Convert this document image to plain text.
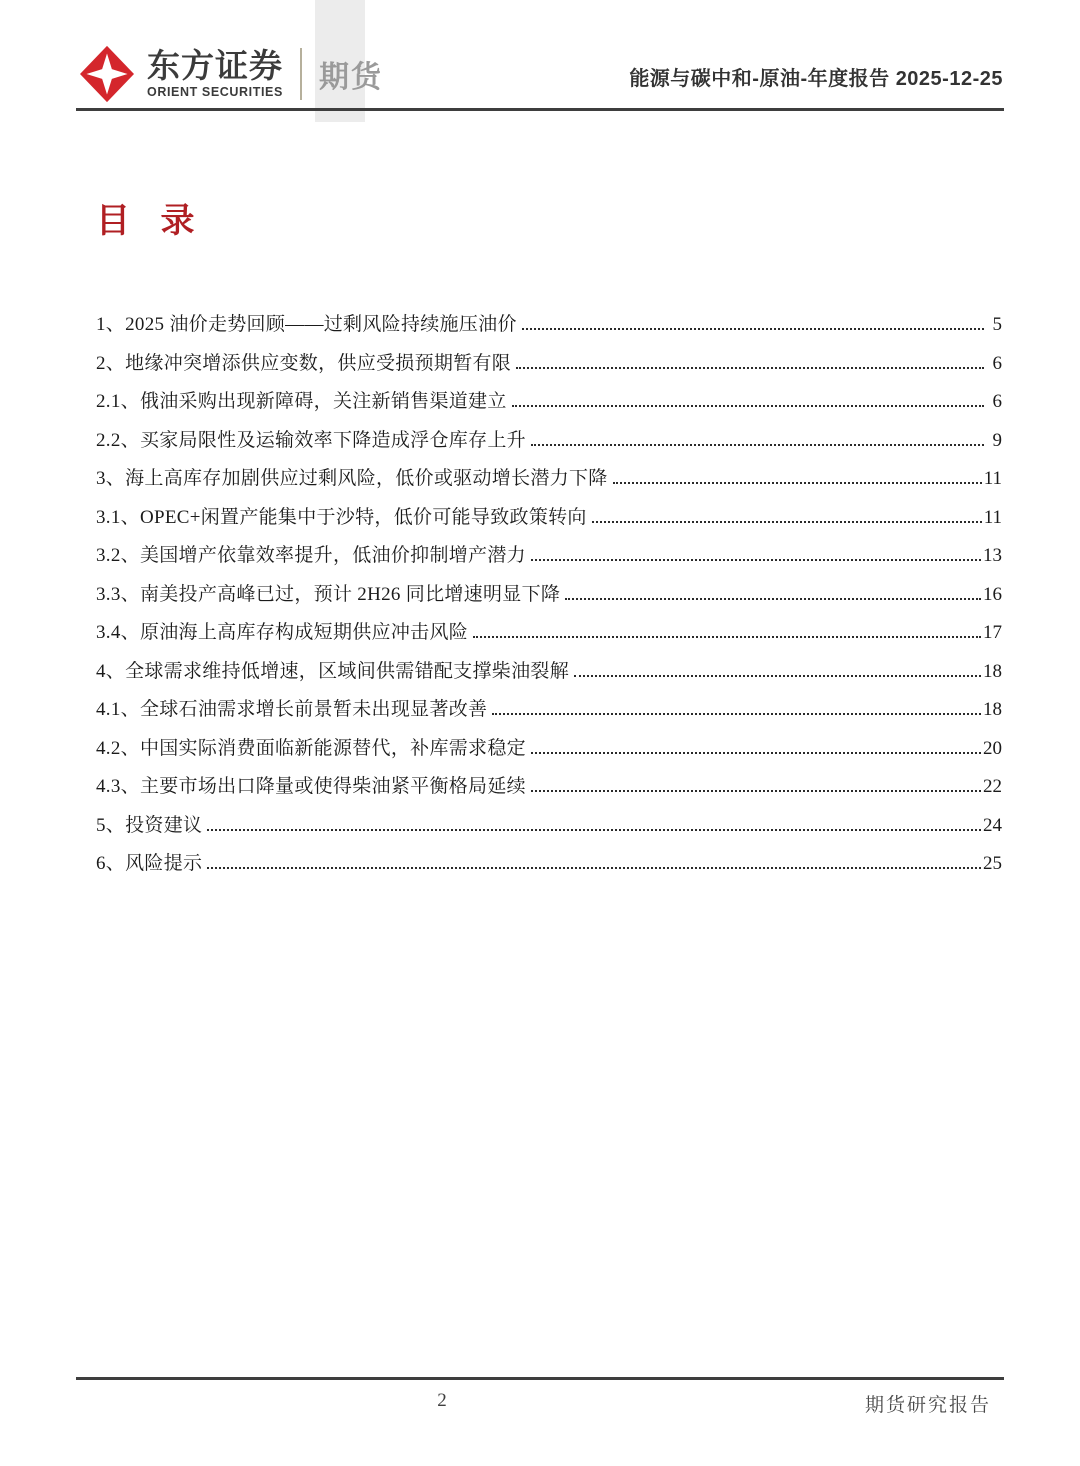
东方证券
ORIENT SECURITIES 期货	能源与碳中和-原油-年度报告 2025-12-25
目 录
1、2025 油价走势回顾——过剩风险持续施压油价	5
2、地缘冲突增添供应变数，供应受损预期暂有限	6
2.1、俄油采购出现新障碍，关注新销售渠道建立	6
2.2、买家局限性及运输效率下降造成浮仓库存上升	9
3、海上高库存加剧供应过剩风险，低价或驱动增长潜力下降	11
3.1、OPEC+闲置产能集中于沙特，低价可能导致政策转向	11
3.2、美国增产依靠效率提升，低油价抑制增产潜力	13
3.3、南美投产高峰已过，预计 2H26 同比增速明显下降	16
3.4、原油海上高库存构成短期供应冲击风险	17
4、全球需求维持低增速，区域间供需错配支撑柴油裂解	18
4.1、全球石油需求增长前景暂未出现显著改善	18
4.2、中国实际消费面临新能源替代，补库需求稳定	20
4.3、主要市场出口降量或使得柴油紧平衡格局延续	22
5、投资建议	24
6、风险提示	25
2	期货研究报告
